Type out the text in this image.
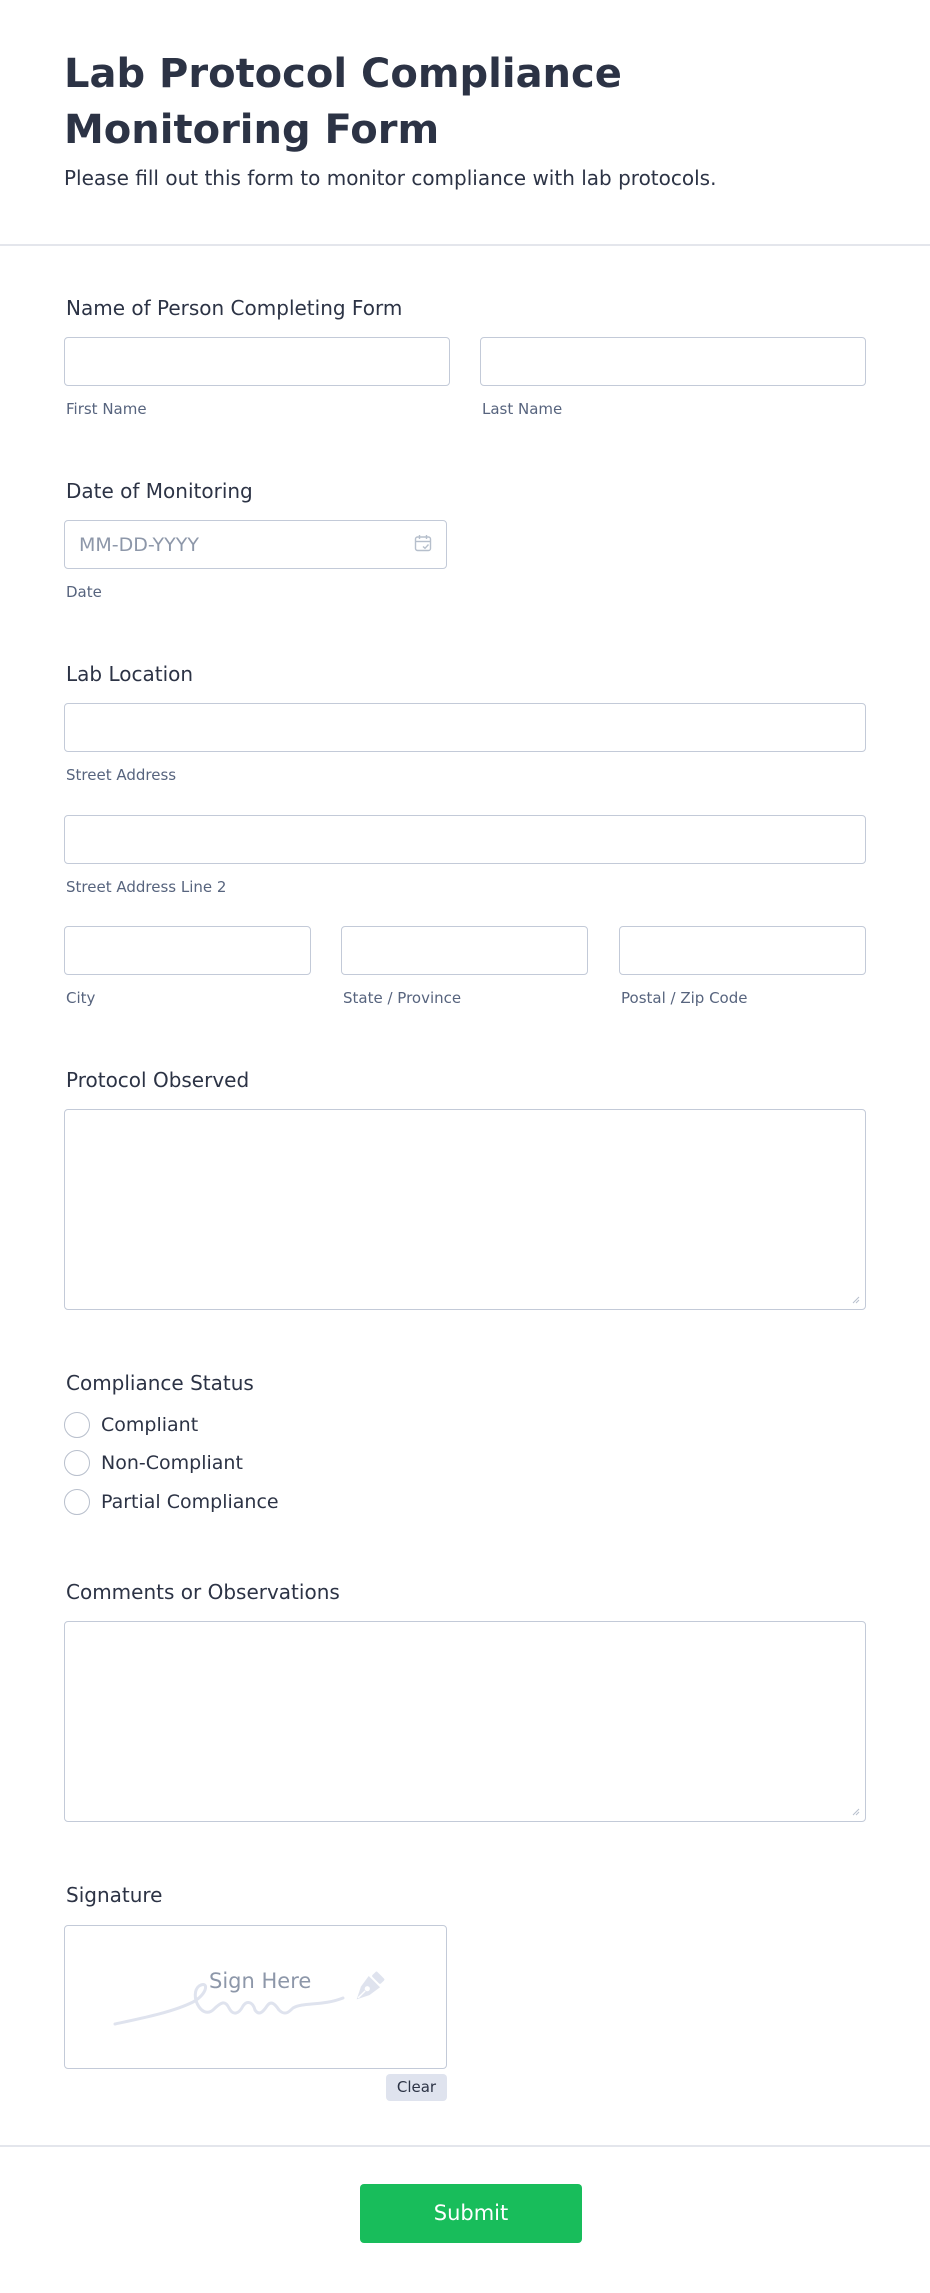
Lab Protocol Compliance Monitoring Form

Please fill out this form to monitor compliance with lab protocols.

Name of Person Completing Form
First Name	Last Name
Date of Monitoring
MM-DD-YYYY
Date
Lab Location
Street Address
Street Address Line 2
City	State / Province	Postal / Zip Code
Protocol Observed
Compliance Status
Compliant
Non-Compliant
Partial Compliance
Comments or Observations
Signature
Sign Here
Clear
Submit
